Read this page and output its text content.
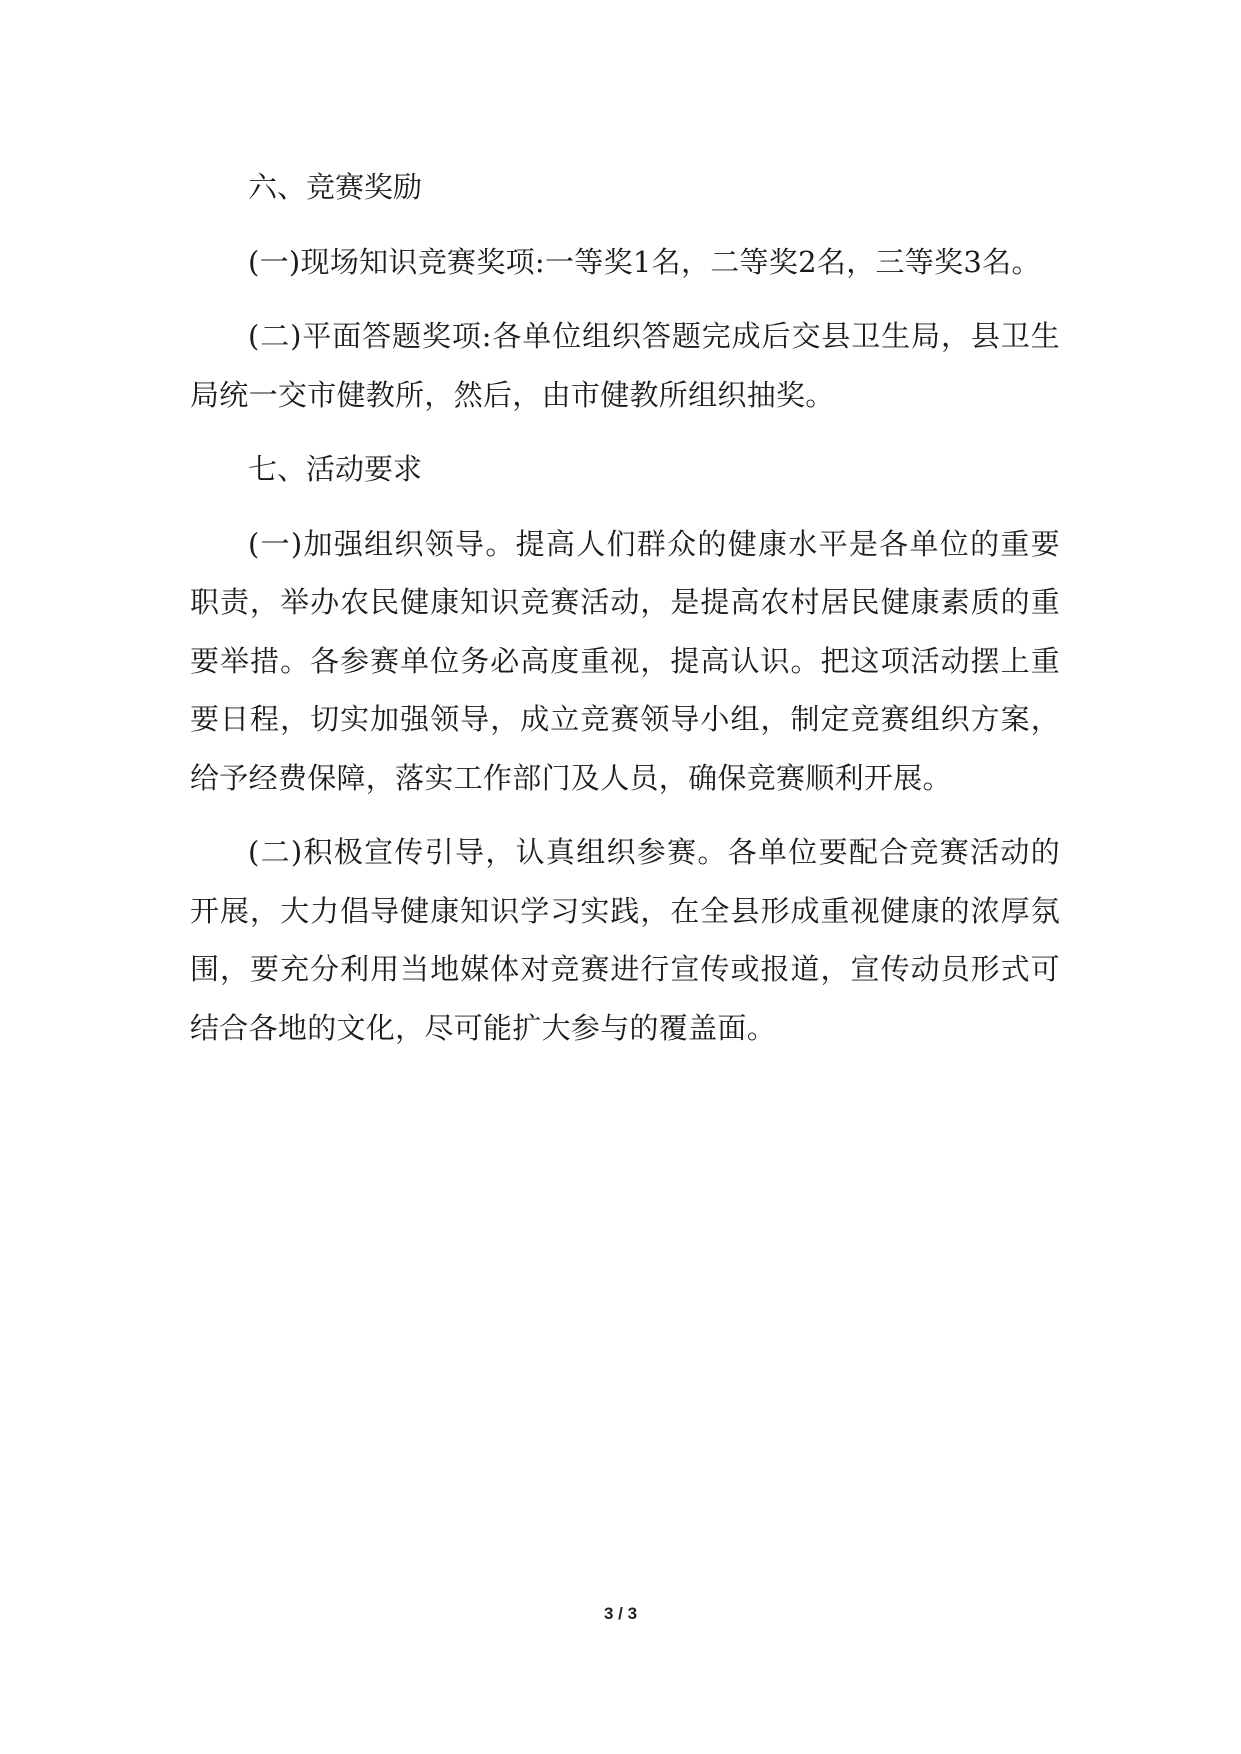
六、竞赛奖励

(一)现场知识竞赛奖项:一等奖1名，二等奖2名，三等奖3名。

(二)平面答题奖项:各单位组织答题完成后交县卫生局，县卫生局统一交市健教所，然后，由市健教所组织抽奖。

七、活动要求

(一)加强组织领导。提高人们群众的健康水平是各单位的重要职责，举办农民健康知识竞赛活动，是提高农村居民健康素质的重要举措。各参赛单位务必高度重视，提高认识。把这项活动摆上重要日程，切实加强领导，成立竞赛领导小组，制定竞赛组织方案，给予经费保障，落实工作部门及人员，确保竞赛顺利开展。

(二)积极宣传引导，认真组织参赛。各单位要配合竞赛活动的开展，大力倡导健康知识学习实践，在全县形成重视健康的浓厚氛围，要充分利用当地媒体对竞赛进行宣传或报道，宣传动员形式可结合各地的文化，尽可能扩大参与的覆盖面。

3 / 3
